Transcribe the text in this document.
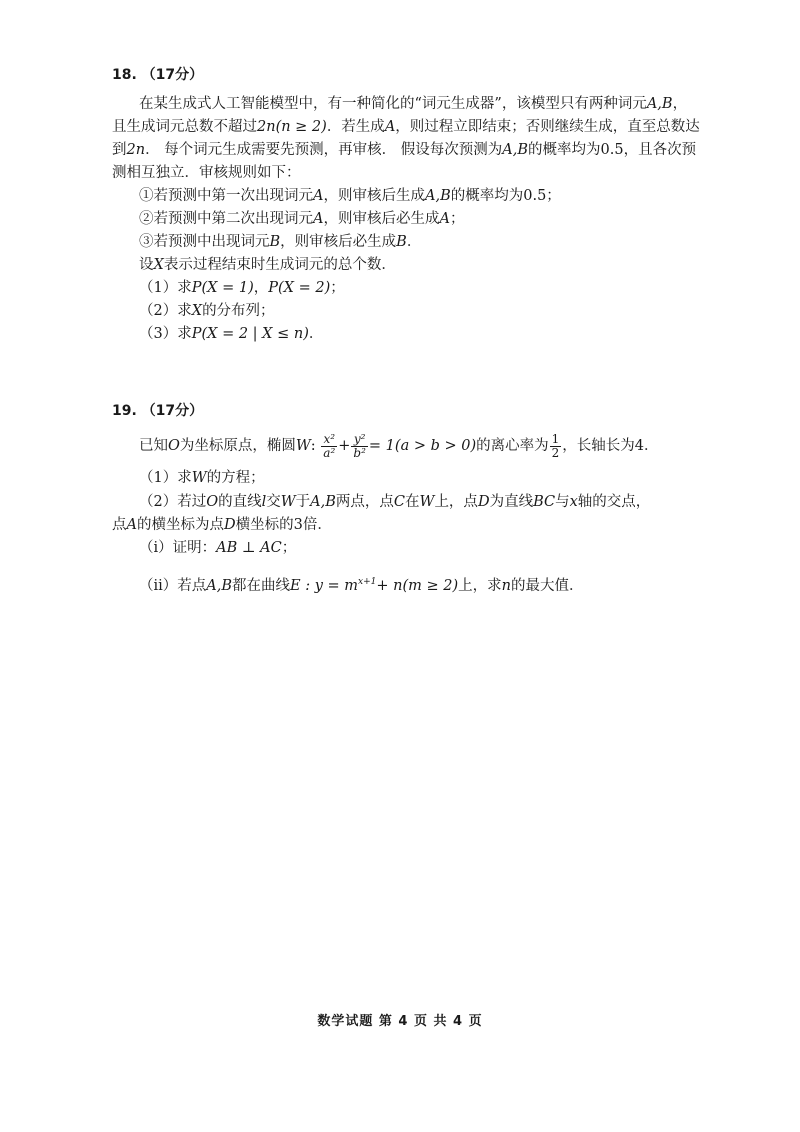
18. （17分）
在某生成式人工智能模型中，有一种简化的“词元生成器”，该模型只有两种词元A,B，
且生成词元总数不超过2n(n ≥ 2)．若生成A，则过程立即结束；否则继续生成，直至总数达
到2n． 每个词元生成需要先预测，再审核． 假设每次预测为A,B的概率均为0.5，且各次预
测相互独立．审核规则如下：
①若预测中第一次出现词元A，则审核后生成A,B的概率均为0.5；
②若预测中第二次出现词元A，则审核后必生成A；
③若预测中出现词元B，则审核后必生成B．
设X表示过程结束时生成词元的总个数．
（1）求P(X = 1)，P(X = 2)；
（2）求X的分布列；
（3）求P(X = 2 | X ≤ n)．
19. （17分）
已知O为坐标原点，椭圆W: $\frac{\text{x²}}{\text{a²}} + \frac{\text{y²}}{\text{b²}} = 1(a > b > 0)$的离心率为 $\frac{1}{2}$ ，长轴长为4．
（1）求W的方程；
（2）若过O的直线l交W于A,B两点，点C在W上，点D为直线BC与x轴的交点，
点A的横坐标为点D横坐标的3倍．
（ⅰ）证明：AB ⊥ AC；
（ⅱ）若点A,B都在曲线E : $y = m^{x+1}+ n(m \ge 2)$上，求n的最大值．
数学试题 第 4 页 共 4 页
